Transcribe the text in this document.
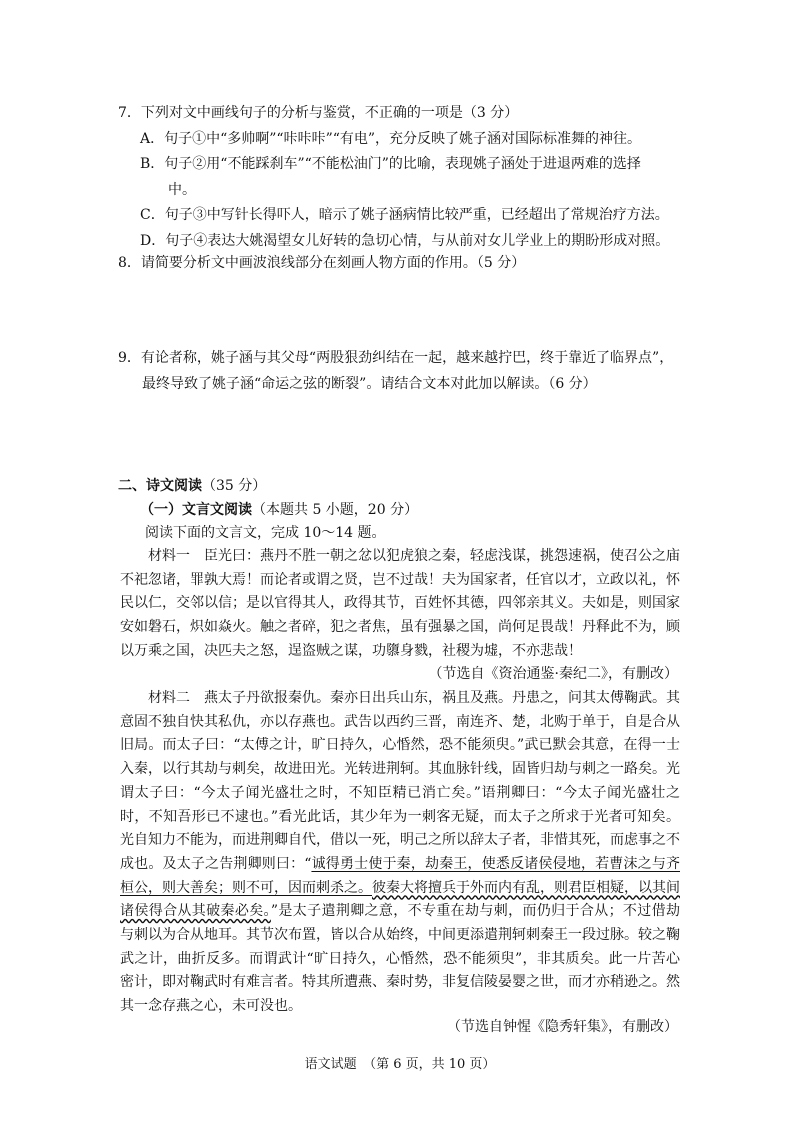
7．下列对文中画线句子的分析与鉴赏，不正确的一项是（3 分）
A．句子①中“多帅啊”“咔咔咔”“有电”，充分反映了姚子涵对国际标准舞的神往。
B．句子②用“不能踩刹车”“不能松油门”的比喻，表现姚子涵处于进退两难的选择
中。
C．句子③中写针长得吓人，暗示了姚子涵病情比较严重，已经超出了常规治疗方法。
D．句子④表达大姚渴望女儿好转的急切心情，与从前对女儿学业上的期盼形成对照。
8．请简要分析文中画波浪线部分在刻画人物方面的作用。（5 分）
9．有论者称，姚子涵与其父母“两股狠劲纠结在一起，越来越拧巴，终于靠近了临界点”，
最终导致了姚子涵“命运之弦的断裂”。请结合文本对此加以解读。（6 分）
二、诗文阅读（35 分）
（一）文言文阅读（本题共 5 小题，20 分）
阅读下面的文言文，完成 10～14 题。
材料一　 臣光曰：燕丹不胜一朝之忿以犯虎狼之秦，轻虑浅谋，挑怨速祸，使召公之庙不祀忽诸，罪孰大焉！而论者或谓之贤，岂不过哉！夫为国家者，任官以才，立政以礼，怀民以仁，交邻以信；是以官得其人，政得其节，百姓怀其德，四邻亲其义。夫如是，则国家安如磐石，炽如焱火。触之者碎，犯之者焦，虽有强暴之国，尚何足畏哉！丹释此不为，顾以万乘之国，决匹夫之怒，逞盗贼之谋，功隳身戮，社稷为墟，不亦悲哉！
（节选自《资治通鉴·秦纪二》，有删改）
材料二　 燕太子丹欲报秦仇。秦亦日出兵山东，祸且及燕。丹患之，问其太傅鞠武。其意固不独自快其私仇，亦以存燕也。武告以西约三晋，南连齐、楚，北购于单于，自是合从旧局。而太子曰：“太傅之计，旷日持久，心惛然，恐不能须臾。”武已默会其意，在得一士入秦，以行其劫与刺矣，故进田光。光转进荆轲。其血脉针线，固皆归劫与刺之一路矣。光谓太子曰：“今太子闻光盛壮之时，不知臣精已消亡矣。”语荆卿曰：“今太子闻光盛壮之时，不知吾形已不逮也。”看光此话，其少年为一刺客无疑，而太子之所求于光者可知矣。光自知力不能为，而进荆卿自代，借以一死，明己之所以辞太子者，非惜其死，而虑事之不成也。及太子之告荆卿则曰：“诚得勇士使于秦，劫秦王，使悉反诸侯侵地，若曹沫之与齐桓公，则大善矣；则不可，因而刺杀之。彼秦大将擅兵于外而内有乱，则君臣相疑，以其间诸侯得合从其破秦必矣。”是太子遣荆卿之意，不专重在劫与刺，而仍归于合从；不过借劫与刺以为合从地耳。其节次布置，皆以合从始终，中间更添遣荆轲刺秦王一段过脉。较之鞠武之计，曲折反多。而谓武计“旷日持久，心惛然，恐不能须臾”，非其质矣。此一片苦心密计，即对鞠武时有难言者。特其所遭燕、秦时势，非复信陵晏婴之世，而才亦稍逊之。然其一念存燕之心，未可没也。
（节选自钟惺《隐秀轩集》，有删改）
语文试题　（第 6 页，共 10 页）
